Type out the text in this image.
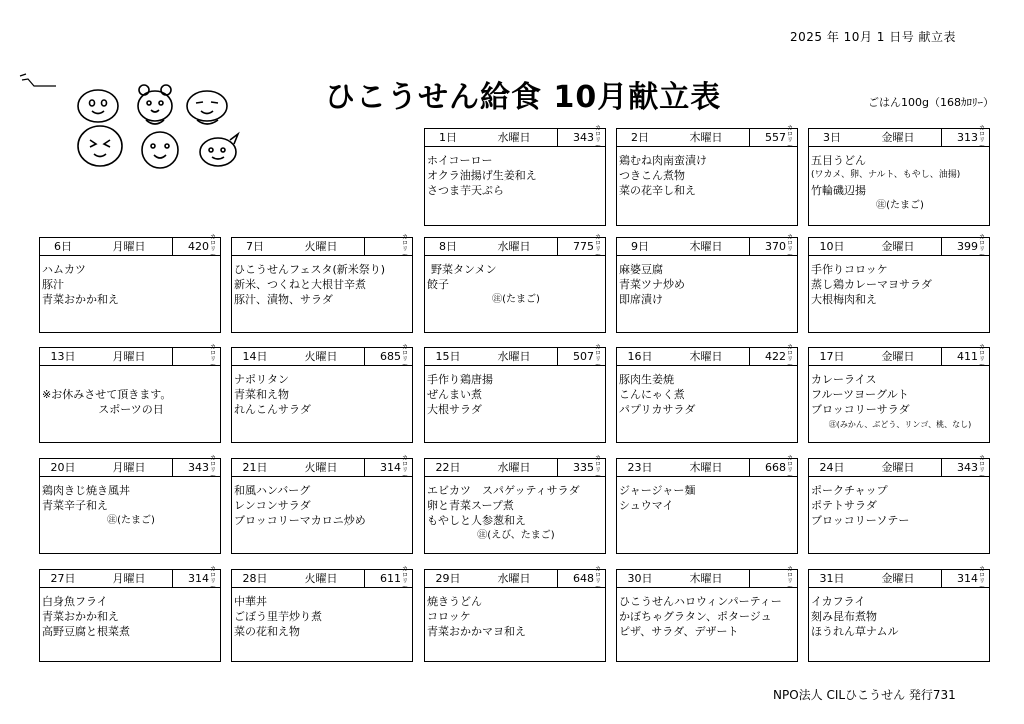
2025 年 10月 1 日号 献立表
ひこうせん給食 10月献立表	ごはん100g（168ｶﾛﾘｰ）
1日	水曜日	343
カロリー
ホイコーロー
オクラ油揚げ生姜和え
さつま芋天ぷら
2日	木曜日	557
カロリー
鶏むね肉南蛮漬け
つきこん煮物
菜の花辛し和え
3日	金曜日	313
カロリー
五目うどん
(ワカメ、卵、ナルト、もやし、油揚)
竹輪磯辺揚
㊟(たまご)
6日	月曜日	420
カロリー
ハムカツ
豚汁
青菜おかか和え
7日	火曜日
カロリー
ひこうせんフェスタ(新米祭り)
新米、つくねと大根甘辛煮
豚汁、漬物、サラダ
8日	水曜日	775
カロリー
野菜タンメン
餃子
㊟(たまご)
9日	木曜日	370
カロリー
麻婆豆腐
青菜ツナ炒め
即席漬け
10日	金曜日	399
カロリー
手作りコロッケ
蒸し鶏カレーマヨサラダ
大根梅肉和え
13日	月曜日
カロリー

※お休みさせて頂きます。
スポーツの日
14日	火曜日	685
カロリー
ナポリタン
青菜和え物
れんこんサラダ
15日	水曜日	507
カロリー
手作り鶏唐揚
ぜんまい煮
大根サラダ
16日	木曜日	422
カロリー
豚肉生姜焼
こんにゃく煮
パプリカサラダ
17日	金曜日	411
カロリー
カレーライス
フルーツヨーグルト
ブロッコリーサラダ
㊟(みかん、ぶどう、リンゴ、桃、なし)
20日	月曜日	343
カロリー
鶏肉きじ焼き風丼
青菜辛子和え
㊟(たまご)
21日	火曜日	314
カロリー
和風ハンバーグ
レンコンサラダ
ブロッコリーマカロニ炒め
22日	水曜日	335
カロリー
エビカツ　スパゲッティサラダ
卵と青菜スープ煮
もやしと人参葱和え
㊟(えび、たまご)
23日	木曜日	668
カロリー
ジャージャー麺
シュウマイ
24日	金曜日	343
カロリー
ポークチャップ
ポテトサラダ
ブロッコリーソテー
27日	月曜日	314
カロリー
白身魚フライ
青菜おかか和え
高野豆腐と根菜煮
28日	火曜日	611
カロリー
中華丼
ごぼう里芋炒り煮
菜の花和え物
29日	水曜日	648
カロリー
焼きうどん
コロッケ
青菜おかかマヨ和え
30日	木曜日
カロリー
ひこうせんハロウィンパーティー
かぼちゃグラタン、ポタージュ
ピザ、サラダ、デザート
31日	金曜日	314
カロリー
イカフライ
刻み昆布煮物
ほうれん草ナムル
NPO法人 CILひこうせん 発行731
